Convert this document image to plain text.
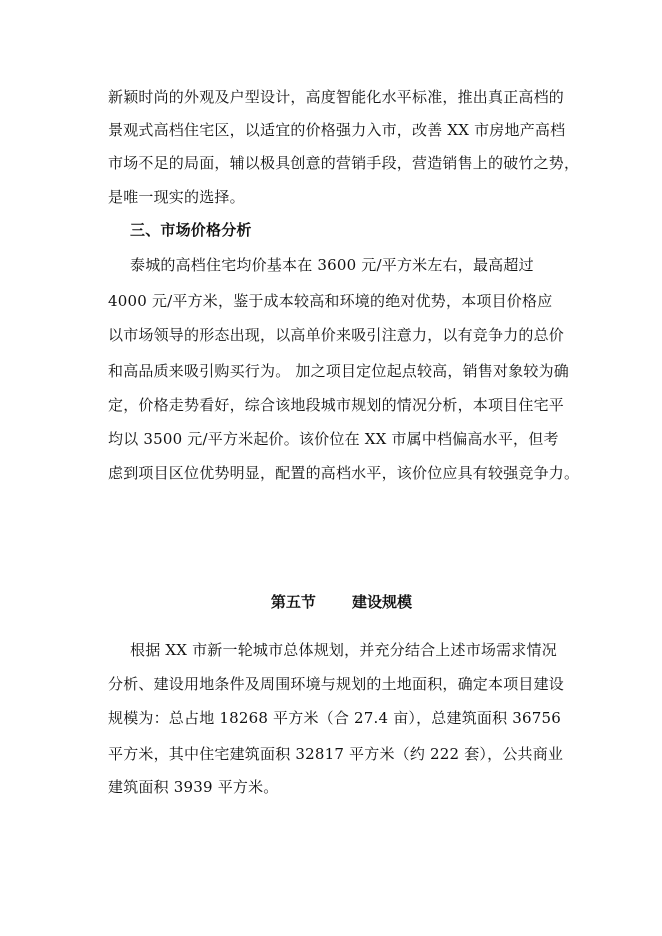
新颖时尚的外观及户型设计，高度智能化水平标准，推出真正高档的
景观式高档住宅区，以适宜的价格强力入市，改善 XX 市房地产高档
市场不足的局面，辅以极具创意的营销手段，营造销售上的破竹之势，
是唯一现实的选择。
三、市场价格分析
泰城的高档住宅均价基本在 3600 元/平方米左右，最高超过
4000 元/平方米，鉴于成本较高和环境的绝对优势，本项目价格应
以市场领导的形态出现，以高单价来吸引注意力，以有竞争力的总价
和高品质来吸引购买行为。 加之项目定位起点较高，销售对象较为确
定，价格走势看好，综合该地段城市规划的情况分析，本项目住宅平
均以 3500 元/平方米起价。该价位在 XX 市属中档偏高水平，但考
虑到项目区位优势明显，配置的高档水平，该价位应具有较强竞争力。

第五节 建设规模

根据 XX 市新一轮城市总体规划，并充分结合上述市场需求情况
分析、建设用地条件及周围环境与规划的土地面积，确定本项目建设
规模为：总占地 18268 平方米（合 27.4 亩），总建筑面积 36756
平方米，其中住宅建筑面积 32817 平方米（约 222 套），公共商业
建筑面积 3939 平方米。
